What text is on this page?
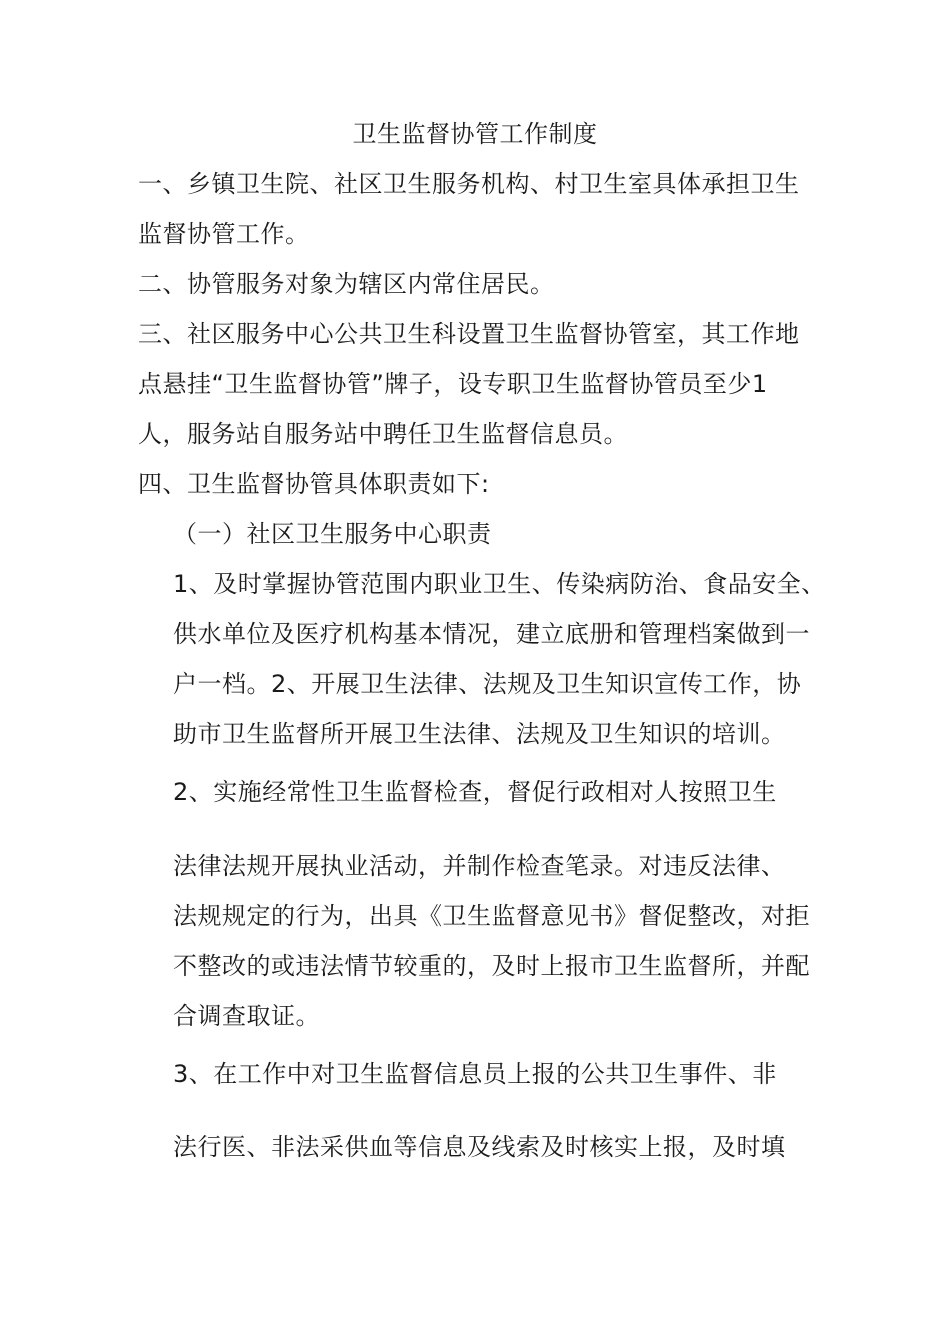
卫生监督协管工作制度
一、乡镇卫生院、社区卫生服务机构、村卫生室具体承担卫生
监督协管工作。
二、协管服务对象为辖区内常住居民。
三、社区服务中心公共卫生科设置卫生监督协管室，其工作地
点悬挂“卫生监督协管”牌子，设专职卫生监督协管员至少1
人，服务站自服务站中聘任卫生监督信息员。
四、卫生监督协管具体职责如下:
（一）社区卫生服务中心职责
1、及时掌握协管范围内职业卫生、传染病防治、食品安全、
供水单位及医疗机构基本情况，建立底册和管理档案做到一
户一档。2、开展卫生法律、法规及卫生知识宣传工作，协
助市卫生监督所开展卫生法律、法规及卫生知识的培训。
2、实施经常性卫生监督检查，督促行政相对人按照卫生
法律法规开展执业活动，并制作检查笔录。对违反法律、
法规规定的行为，出具《卫生监督意见书》督促整改，对拒
不整改的或违法情节较重的，及时上报市卫生监督所，并配
合调查取证。
3、在工作中对卫生监督信息员上报的公共卫生事件、非
法行医、非法采供血等信息及线索及时核实上报，及时填
